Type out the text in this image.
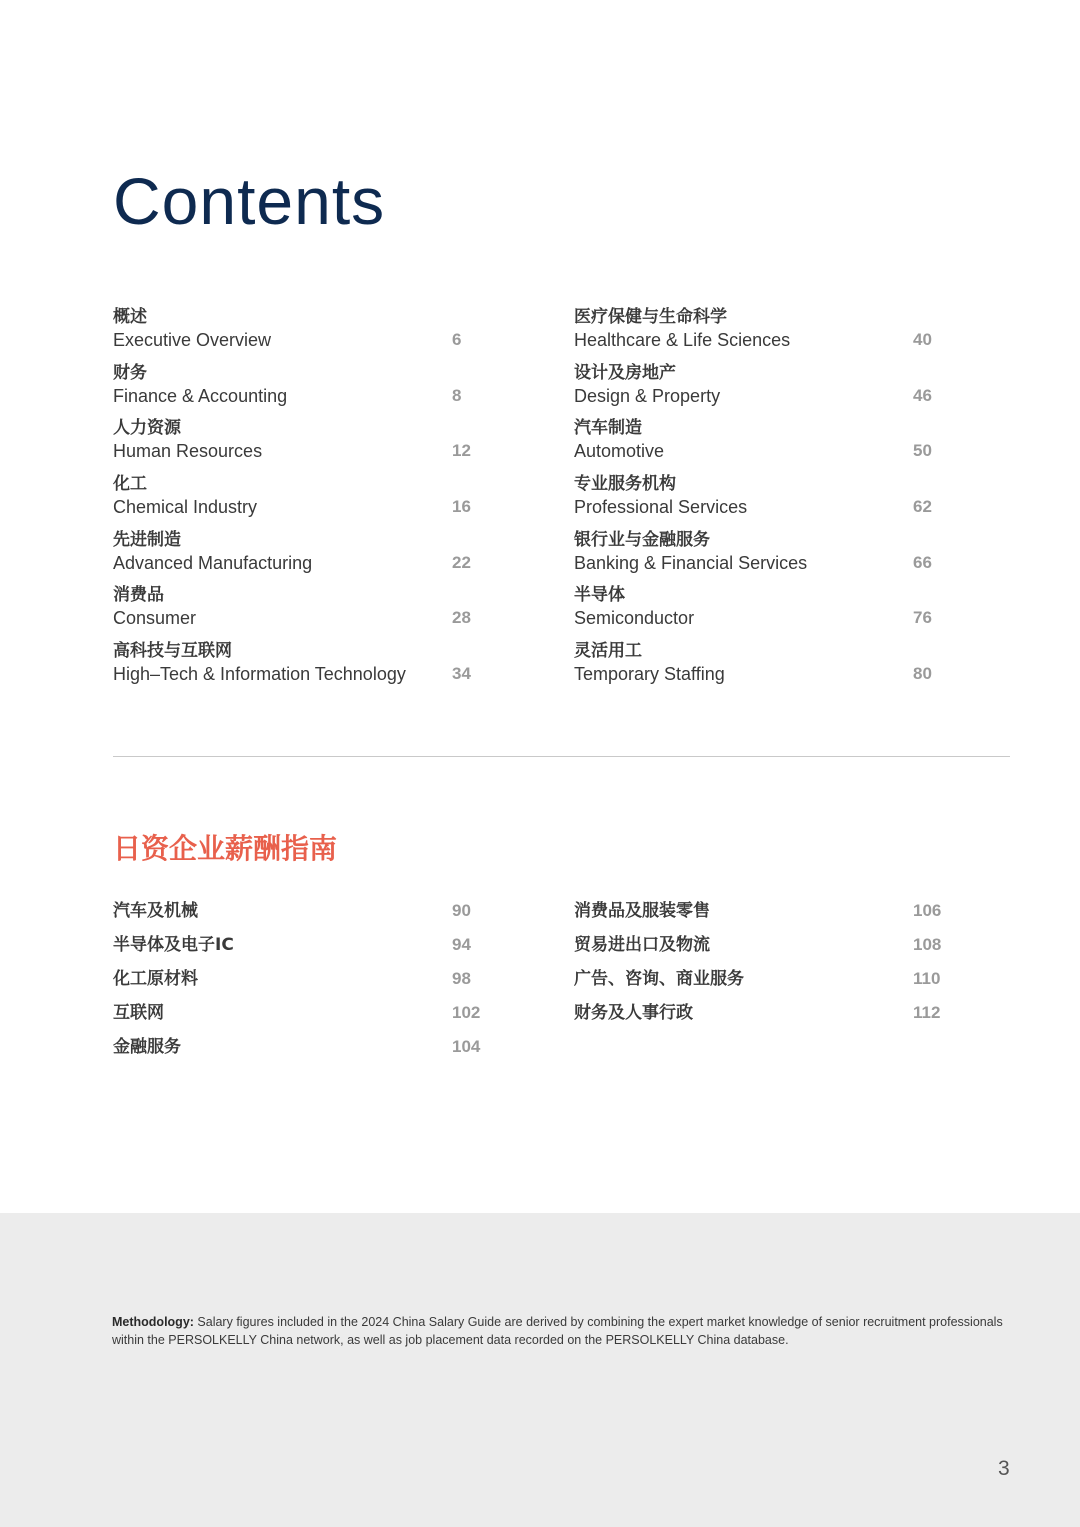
Contents
概述
Executive Overview	6
财务
Finance & Accounting	8
人力资源
Human Resources	12
化工
Chemical Industry	16
先进制造
Advanced Manufacturing	22
消费品
Consumer	28
高科技与互联网
High–Tech & Information Technology	34
医疗保健与生命科学
Healthcare & Life Sciences	40
设计及房地产
Design & Property	46
汽车制造
Automotive	50
专业服务机构
Professional Services	62
银行业与金融服务
Banking & Financial Services	66
半导体
Semiconductor	76
灵活用工
Temporary Staffing	80
日资企业薪酬指南
汽车及机械	90
半导体及电子IC	94
化工原材料	98
互联网	102
金融服务	104
消费品及服装零售	106
贸易进出口及物流	108
广告、咨询、商业服务	110
财务及人事行政	112

Methodology: Salary figures included in the 2024 China Salary Guide are derived by combining the expert market knowledge of senior recruitment professionals within the PERSOLKELLY China network, as well as job placement data recorded on the PERSOLKELLY China database.

3
